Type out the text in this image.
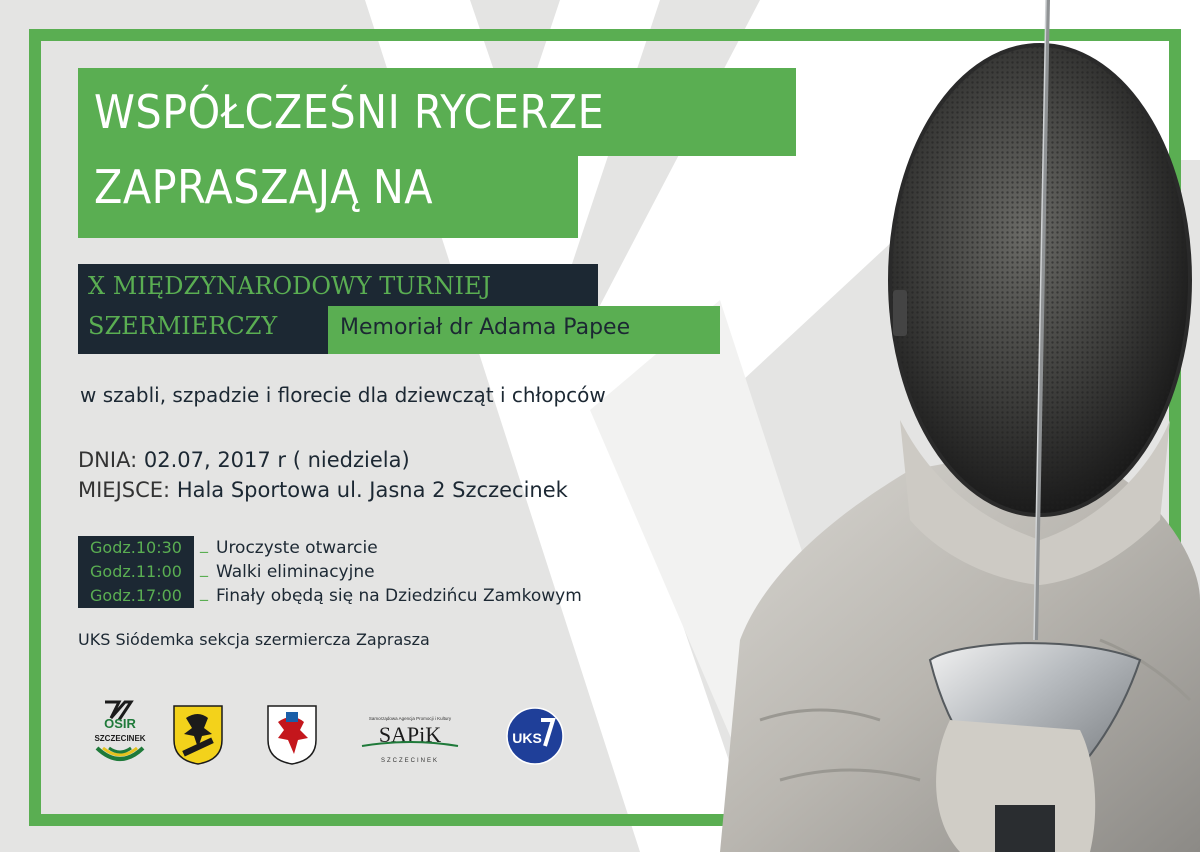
WSPÓŁCZEŚNI RYCERZE
ZAPRASZAJĄ NA
X MIĘDZYNARODOWY TURNIEJ
SZERMIERCZY	Memoriał dr Adama Papee
w szabli, szpadzie i florecie dla dziewcząt i chłopców
DNIA: 02.07, 2017 r ( niedziela)
MIEJSCE: Hala Sportowa ul. Jasna 2 Szczecinek
Godz.10:30	_ Uroczyste otwarcie
Godz.11:00	_ Walki eliminacyjne
Godz.17:00	_ Finały obędą się na Dziedzińcu Zamkowym
UKS Siódemka sekcja szermiercza Zaprasza
OSIR
SZCZECINEK
Samorządowa Agencja Promocji i Kultury
SAPiK
SZCZECINEK
UKS
